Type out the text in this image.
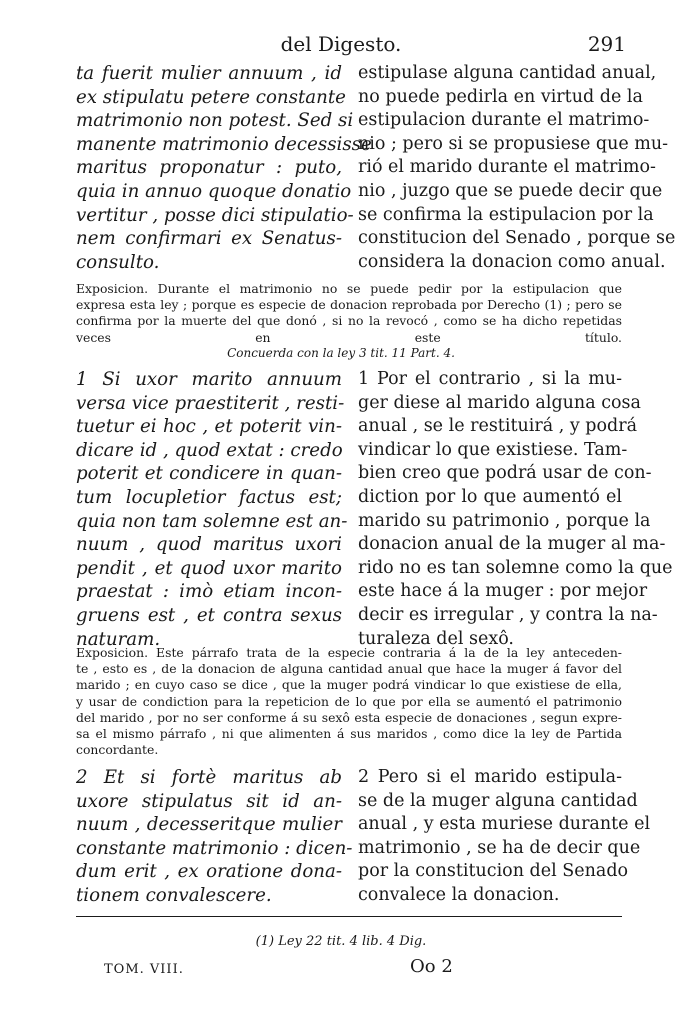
del Digesto.	291
ta fuerit mulier annuum , id
ex stipulatu petere constante
matrimonio non potest. Sed si
manente matrimonio decessisse
maritus proponatur : puto,
quia in annuo quoque donatio
vertitur , posse dici stipulatio-
nem confirmari ex Senatus-
consulto.
estipulase alguna cantidad anual,
no puede pedirla en virtud de la
estipulacion durante el matrimo-
nio ; pero si se propusiese que mu-
rió el marido durante el matrimo-
nio , juzgo que se puede decir que
se confirma la estipulacion por la
constitucion del Senado , porque se
considera la donacion como anual.
Exposicion. Durante el matrimonio no se puede pedir por la estipulacion que
expresa esta ley ; porque es especie de donacion reprobada por Derecho (1) ; pero se
confirma por la muerte del que donó , si no la revocó , como se ha dicho repetidas
veces en este título.
Concuerda con la ley 3 tit. 11 Part. 4.
1 Si uxor marito annuum
versa vice praestiterit , resti-
tuetur ei hoc , et poterit vin-
dicare id , quod extat : credo
poterit et condicere in quan-
tum locupletior factus est;
quia non tam solemne est an-
nuum , quod maritus uxori
pendit , et quod uxor marito
praestat : imò etiam incon-
gruens est , et contra sexus
naturam.
1 Por el contrario , si la mu-
ger diese al marido alguna cosa
anual , se le restituirá , y podrá
vindicar lo que existiese. Tam-
bien creo que podrá usar de con-
diction por lo que aumentó el
marido su patrimonio , porque la
donacion anual de la muger al ma-
rido no es tan solemne como la que
este hace á la muger : por mejor
decir es irregular , y contra la na-
turaleza del sexô.
Exposicion. Este párrafo trata de la especie contraria á la de la ley anteceden-
te , esto es , de la donacion de alguna cantidad anual que hace la muger á favor del
marido ; en cuyo caso se dice , que la muger podrá vindicar lo que existiese de ella,
y usar de condiction para la repeticion de lo que por ella se aumentó el patrimonio
del marido , por no ser conforme á su sexô esta especie de donaciones , segun expre-
sa el mismo párrafo , ni que alimenten á sus maridos , como dice la ley de Partida
concordante.
2 Et si fortè maritus ab
uxore stipulatus sit id an-
nuum , decesseritque mulier
constante matrimonio : dicen-
dum erit , ex oratione dona-
tionem convalescere.
2 Pero si el marido estipula-
se de la muger alguna cantidad
anual , y esta muriese durante el
matrimonio , se ha de decir que
por la constitucion del Senado
convalece la donacion.
(1) Ley 22 tit. 4 lib. 4 Dig.
TOM. VIII.	Oo 2
